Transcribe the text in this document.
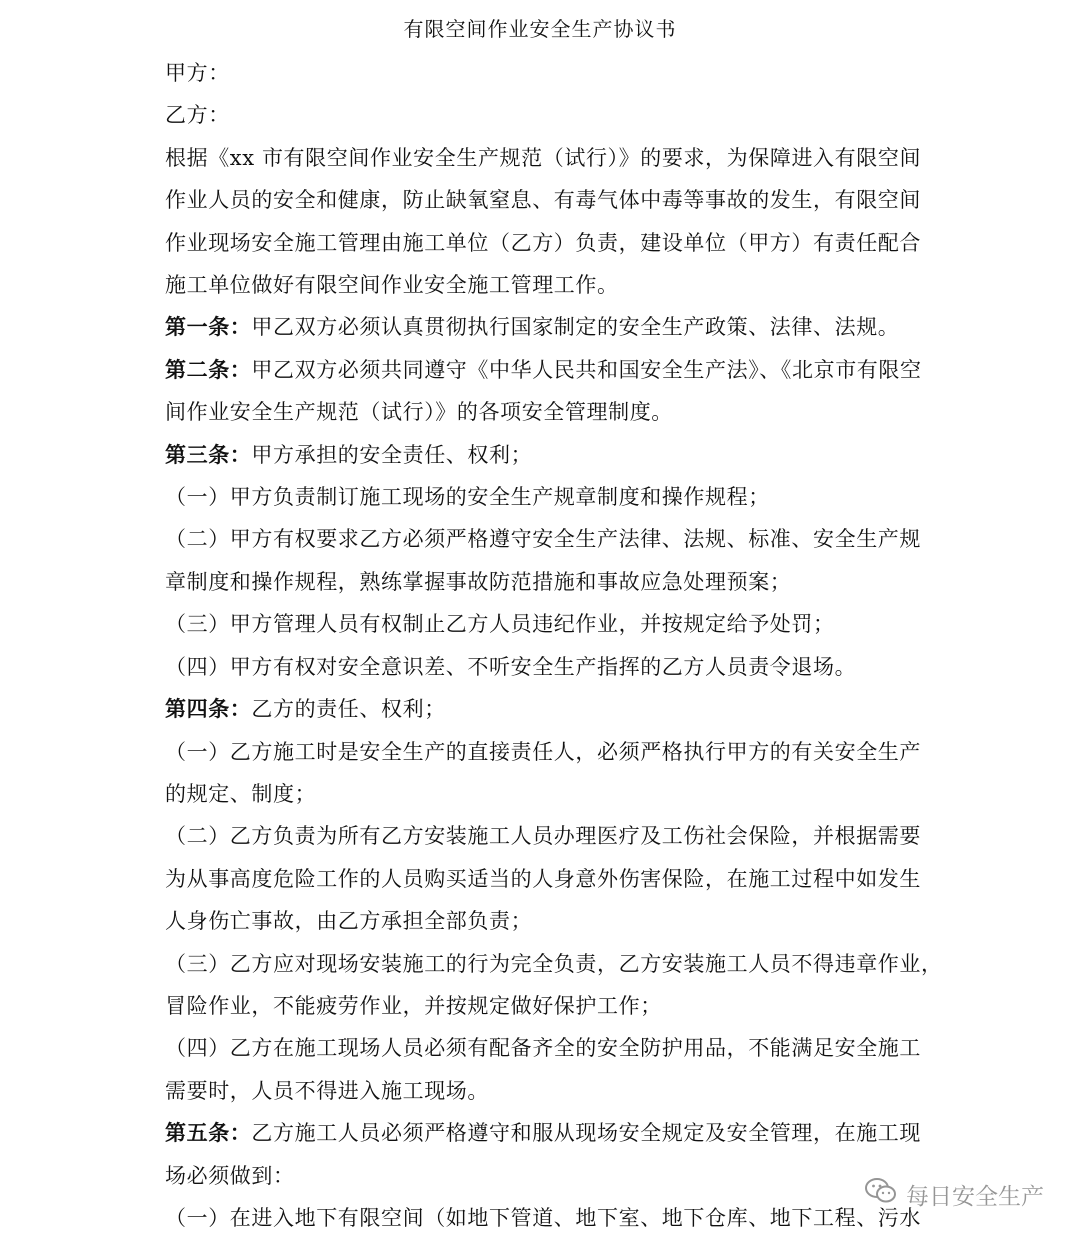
有限空间作业安全生产协议书

甲方：

乙方：

根据《xx 市有限空间作业安全生产规范（试行）》的要求，为保障进入有限空间

作业人员的安全和健康，防止缺氧窒息、有毒气体中毒等事故的发生，有限空间

作业现场安全施工管理由施工单位（乙方）负责，建设单位（甲方）有责任配合

施工单位做好有限空间作业安全施工管理工作。

第一条：甲乙双方必须认真贯彻执行国家制定的安全生产政策、法律、法规。

第二条：甲乙双方必须共同遵守《中华人民共和国安全生产法》、《北京市有限空

间作业安全生产规范（试行）》的各项安全管理制度。

第三条：甲方承担的安全责任、权利；

（一）甲方负责制订施工现场的安全生产规章制度和操作规程；

（二）甲方有权要求乙方必须严格遵守安全生产法律、法规、标准、安全生产规

章制度和操作规程，熟练掌握事故防范措施和事故应急处理预案；

（三）甲方管理人员有权制止乙方人员违纪作业，并按规定给予处罚；

（四）甲方有权对安全意识差、不听安全生产指挥的乙方人员责令退场。

第四条：乙方的责任、权利；

（一）乙方施工时是安全生产的直接责任人，必须严格执行甲方的有关安全生产

的规定、制度；

（二）乙方负责为所有乙方安装施工人员办理医疗及工伤社会保险，并根据需要

为从事高度危险工作的人员购买适当的人身意外伤害保险，在施工过程中如发生

人身伤亡事故，由乙方承担全部负责；

（三）乙方应对现场安装施工的行为完全负责，乙方安装施工人员不得违章作业，

冒险作业，不能疲劳作业，并按规定做好保护工作；

（四）乙方在施工现场人员必须有配备齐全的安全防护用品，不能满足安全施工

需要时，人员不得进入施工现场。

第五条：乙方施工人员必须严格遵守和服从现场安全规定及安全管理，在施工现

场必须做到：

（一）在进入地下有限空间（如地下管道、地下室、地下仓库、地下工程、污水

每日安全生产
